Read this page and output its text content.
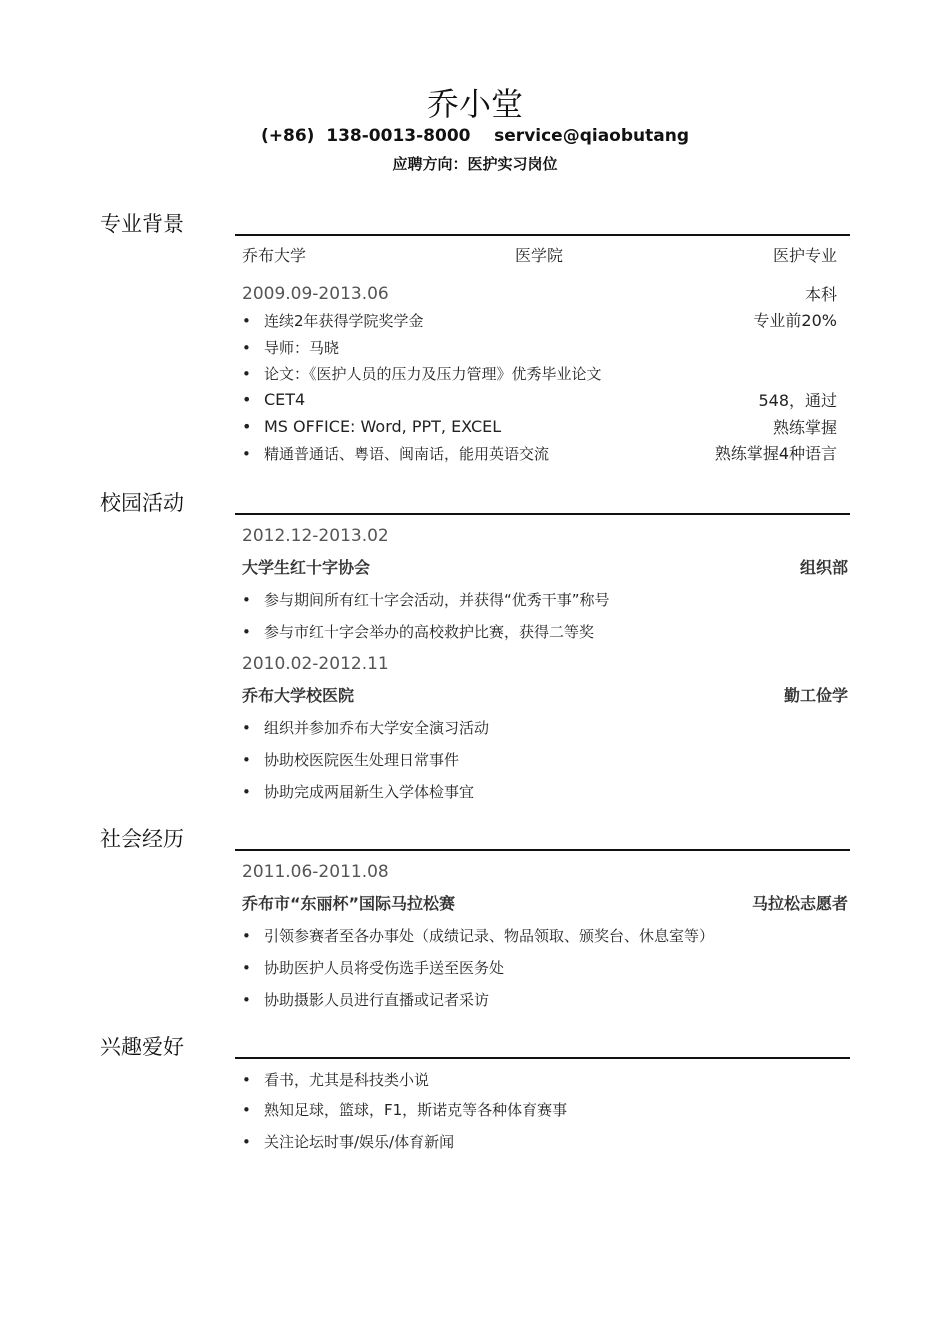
乔小堂
(+86)  138-0013-8000    service@qiaobutang
应聘方向：医护实习岗位
专业背景
乔布大学	医学院	医护专业
2009.09-2013.06	本科
• 连续2年获得学院奖学金	专业前20%
• 导师：马晓
• 论文：《医护人员的压力及压力管理》优秀毕业论文
• CET4	548，通过
• MS OFFICE: Word, PPT, EXCEL	熟练掌握
• 精通普通话、粤语、闽南话，能用英语交流	熟练掌握4种语言
校园活动
2012.12-2013.02
大学生红十字协会	组织部
• 参与期间所有红十字会活动，并获得“优秀干事”称号
• 参与市红十字会举办的高校救护比赛，获得二等奖
2010.02-2012.11
乔布大学校医院	勤工俭学
• 组织并参加乔布大学安全演习活动
• 协助校医院医生处理日常事件
• 协助完成两届新生入学体检事宜
社会经历
2011.06-2011.08
乔布市“东丽杯”国际马拉松赛	马拉松志愿者
• 引领参赛者至各办事处（成绩记录、物品领取、颁奖台、休息室等）
• 协助医护人员将受伤选手送至医务处
• 协助摄影人员进行直播或记者采访
兴趣爱好
• 看书，尤其是科技类小说
• 熟知足球，篮球，F1，斯诺克等各种体育赛事
• 关注论坛时事/娱乐/体育新闻
